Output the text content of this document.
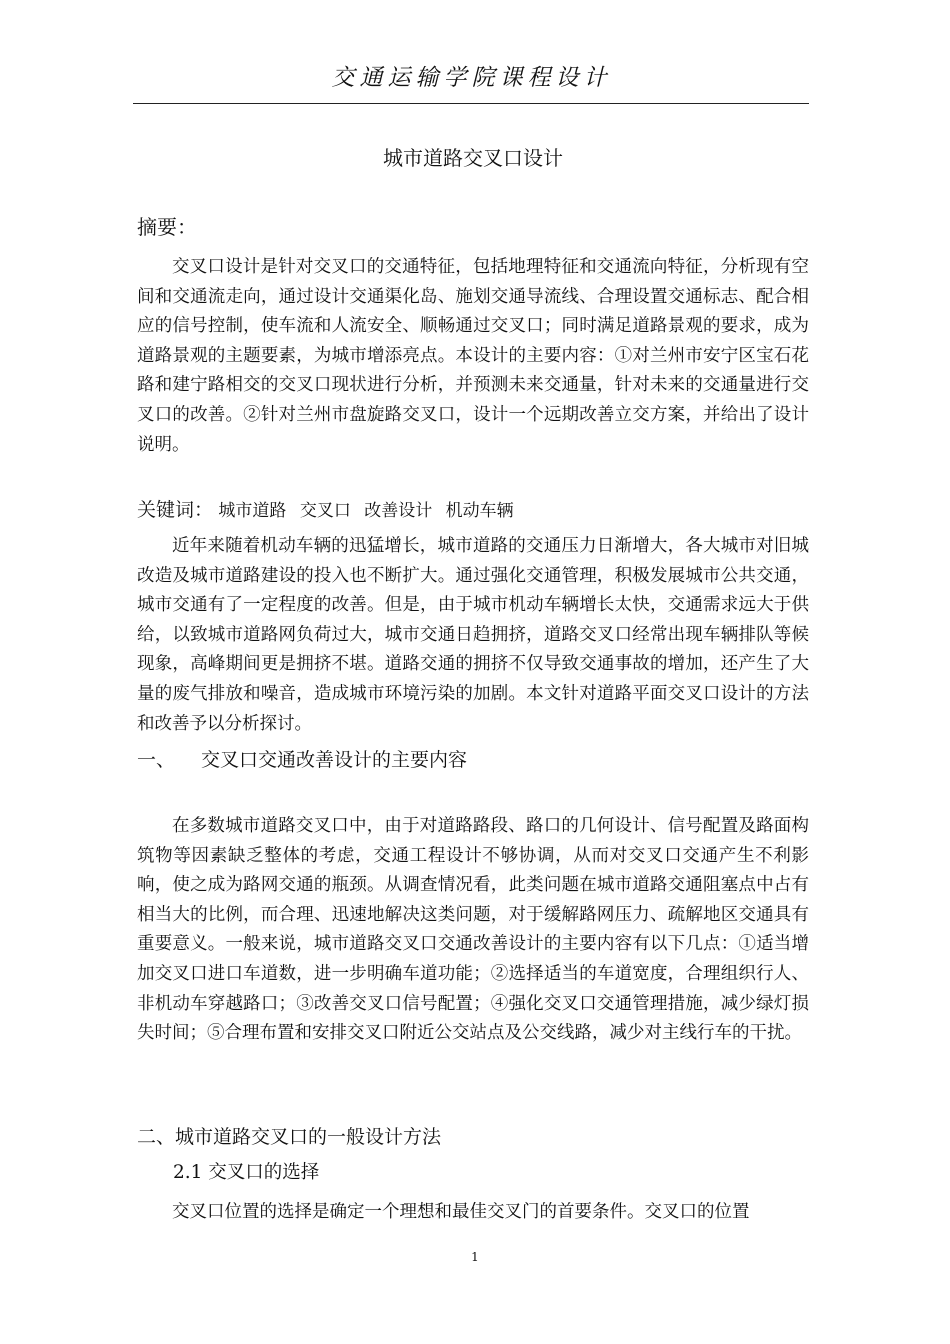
交通运输学院课程设计
城市道路交叉口设计
摘要：
交叉口设计是针对交叉口的交通特征，包括地理特征和交通流向特征，分析现有空间和交通流走向，通过设计交通渠化岛、施划交通导流线、合理设置交通标志、配合相应的信号控制，使车流和人流安全、顺畅通过交叉口；同时满足道路景观的要求，成为道路景观的主题要素，为城市增添亮点。本设计的主要内容：①对兰州市安宁区宝石花路和建宁路相交的交叉口现状进行分析，并预测未来交通量，针对未来的交通量进行交叉口的改善。②针对兰州市盘旋路交叉口，设计一个远期改善立交方案，并给出了设计说明。
关键词： 城市道路 交叉口 改善设计 机动车辆
近年来随着机动车辆的迅猛增长，城市道路的交通压力日渐增大，各大城市对旧城改造及城市道路建设的投入也不断扩大。通过强化交通管理，积极发展城市公共交通，城市交通有了一定程度的改善。但是，由于城市机动车辆增长太快，交通需求远大于供给，以致城市道路网负荷过大，城市交通日趋拥挤，道路交叉口经常出现车辆排队等候现象，高峰期间更是拥挤不堪。道路交通的拥挤不仅导致交通事故的增加，还产生了大量的废气排放和噪音，造成城市环境污染的加剧。本文针对道路平面交叉口设计的方法和改善予以分析探讨。
一、 交叉口交通改善设计的主要内容
在多数城市道路交叉口中，由于对道路路段、路口的几何设计、信号配置及路面构筑物等因素缺乏整体的考虑，交通工程设计不够协调，从而对交叉口交通产生不利影响，使之成为路网交通的瓶颈。从调查情况看，此类问题在城市道路交通阻塞点中占有相当大的比例，而合理、迅速地解决这类问题，对于缓解路网压力、疏解地区交通具有重要意义。一般来说，城市道路交叉口交通改善设计的主要内容有以下几点：①适当增加交叉口进口车道数，进一步明确车道功能；②选择适当的车道宽度，合理组织行人、非机动车穿越路口；③改善交叉口信号配置；④强化交叉口交通管理措施，减少绿灯损失时间；⑤合理布置和安排交叉口附近公交站点及公交线路，减少对主线行车的干扰。
二、城市道路交叉口的一般设计方法
2.1 交叉口的选择
交叉口位置的选择是确定一个理想和最佳交叉门的首要条件。交叉口的位置
1
